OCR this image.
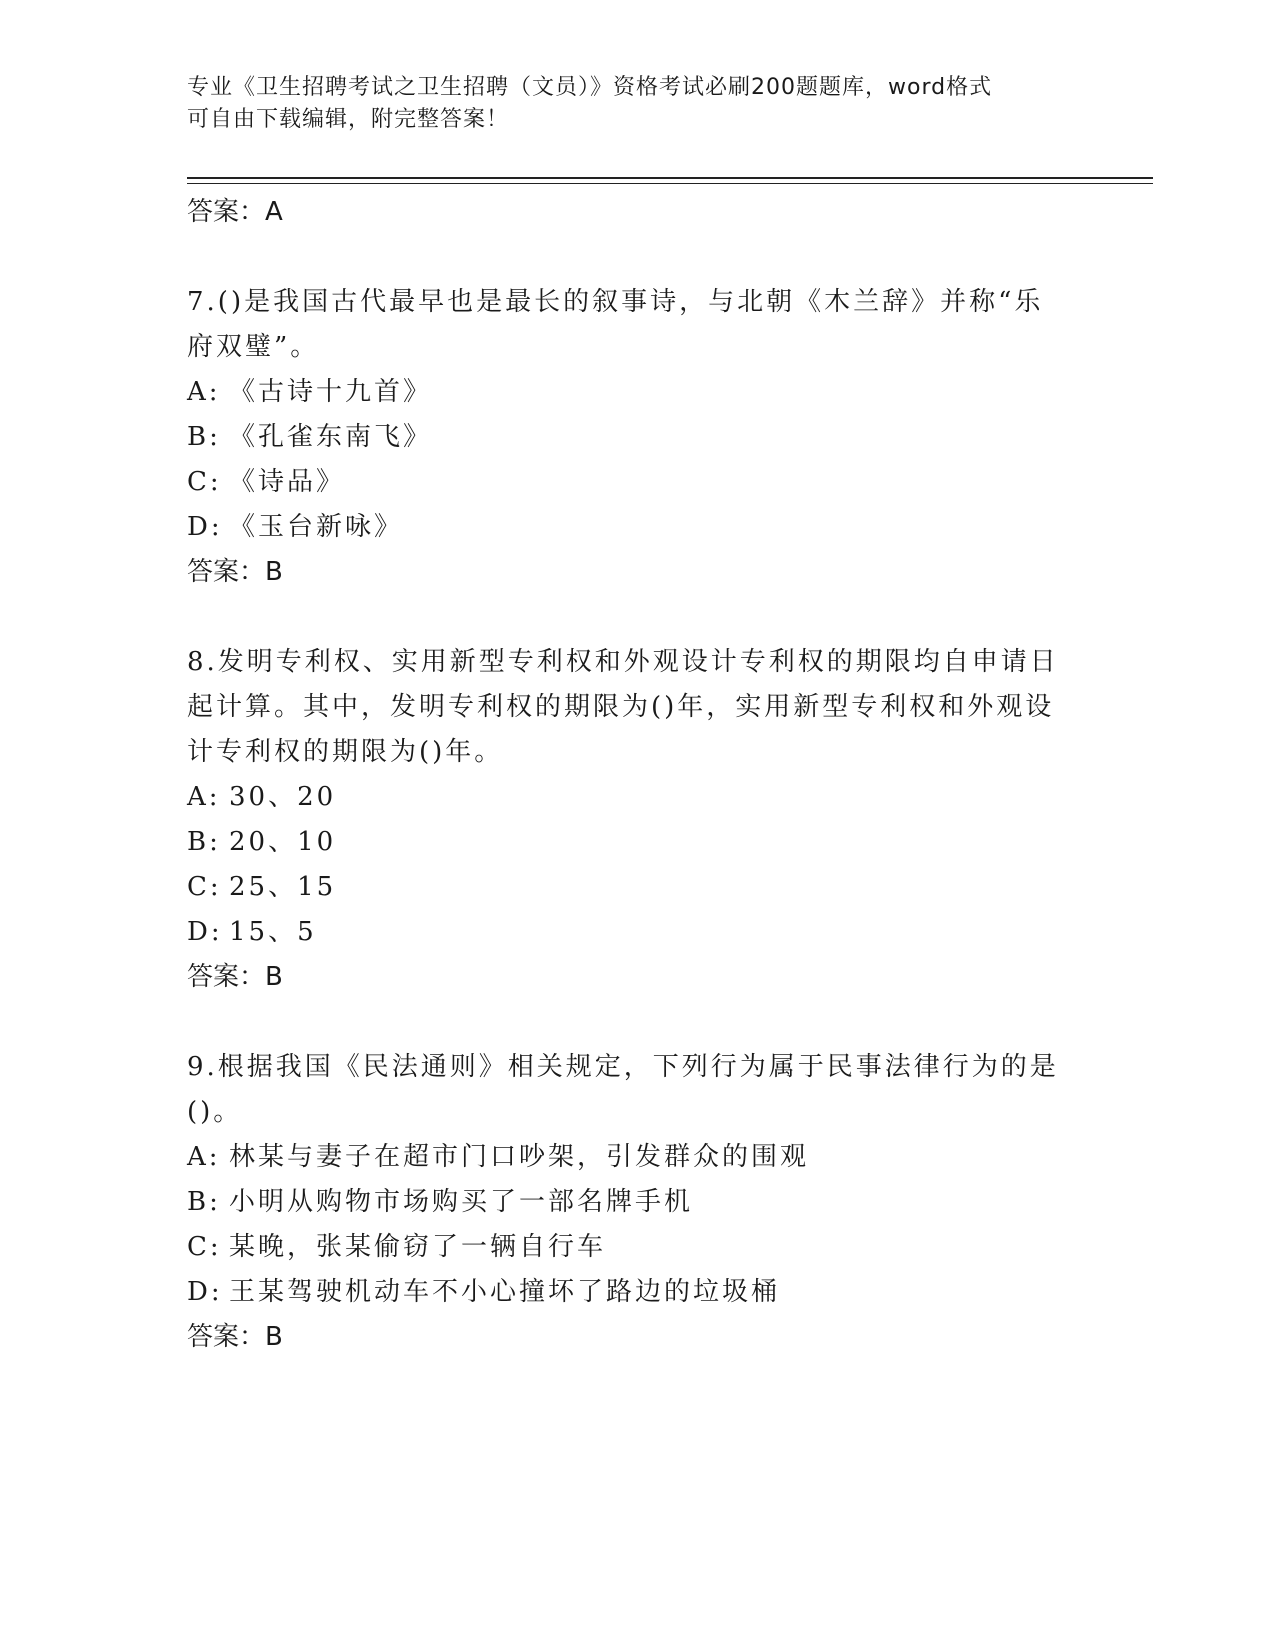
专业《卫生招聘考试之卫生招聘（文员）》资格考试必刷200题题库，word格式
可自由下载编辑，附完整答案！
答案：A
7.()是我国古代最早也是最长的叙事诗，与北朝《木兰辞》并称“乐府双璧”。
A: 《古诗十九首》
B: 《孔雀东南飞》
C: 《诗品》
D: 《玉台新咏》
答案：B
8.发明专利权、实用新型专利权和外观设计专利权的期限均自申请日起计算。其中，发明专利权的期限为()年，实用新型专利权和外观设计专利权的期限为()年。
A: 30、20
B: 20、10
C: 25、15
D: 15、5
答案：B
9.根据我国《民法通则》相关规定，下列行为属于民事法律行为的是()。
A: 林某与妻子在超市门口吵架，引发群众的围观
B: 小明从购物市场购买了一部名牌手机
C: 某晚，张某偷窃了一辆自行车
D: 王某驾驶机动车不小心撞坏了路边的垃圾桶
答案：B
